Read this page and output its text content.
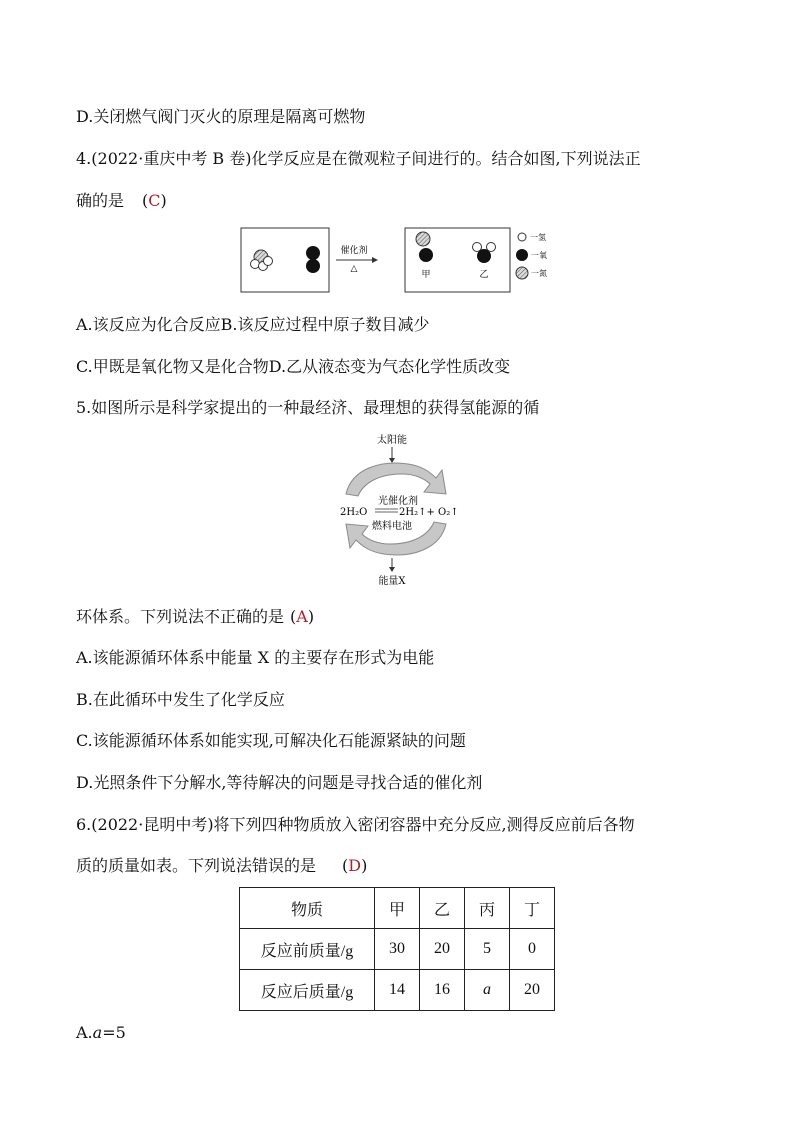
D.关闭燃气阀门灭火的原理是隔离可燃物
4.(2022·重庆中考 B 卷)化学反应是在微观粒子间进行的。结合如图,下列说法正
确的是 (C)
催化剂
△
甲	乙
一氢
一氧
一氮
A.该反应为化合反应B.该反应过程中原子数目减少
C.甲既是氧化物又是化合物D.乙从液态变为气态化学性质改变
5.如图所示是科学家提出的一种最经济、最理想的获得氢能源的循
太阳能
光催化剂
2H₂O	2H₂↑+ O₂↑
燃料电池
能量X
环体系。下列说法不正确的是 (A)
A.该能源循环体系中能量 X 的主要存在形式为电能
B.在此循环中发生了化学反应
C.该能源循环体系如能实现,可解决化石能源紧缺的问题
D.光照条件下分解水,等待解决的问题是寻找合适的催化剂
6.(2022·昆明中考)将下列四种物质放入密闭容器中充分反应,测得反应前后各物
质的质量如表。下列说法错误的是 (D)
物质	甲	乙	丙	丁
反应前质量/g	30	20	5	0
反应后质量/g	14	16	a	20
A.a=5
